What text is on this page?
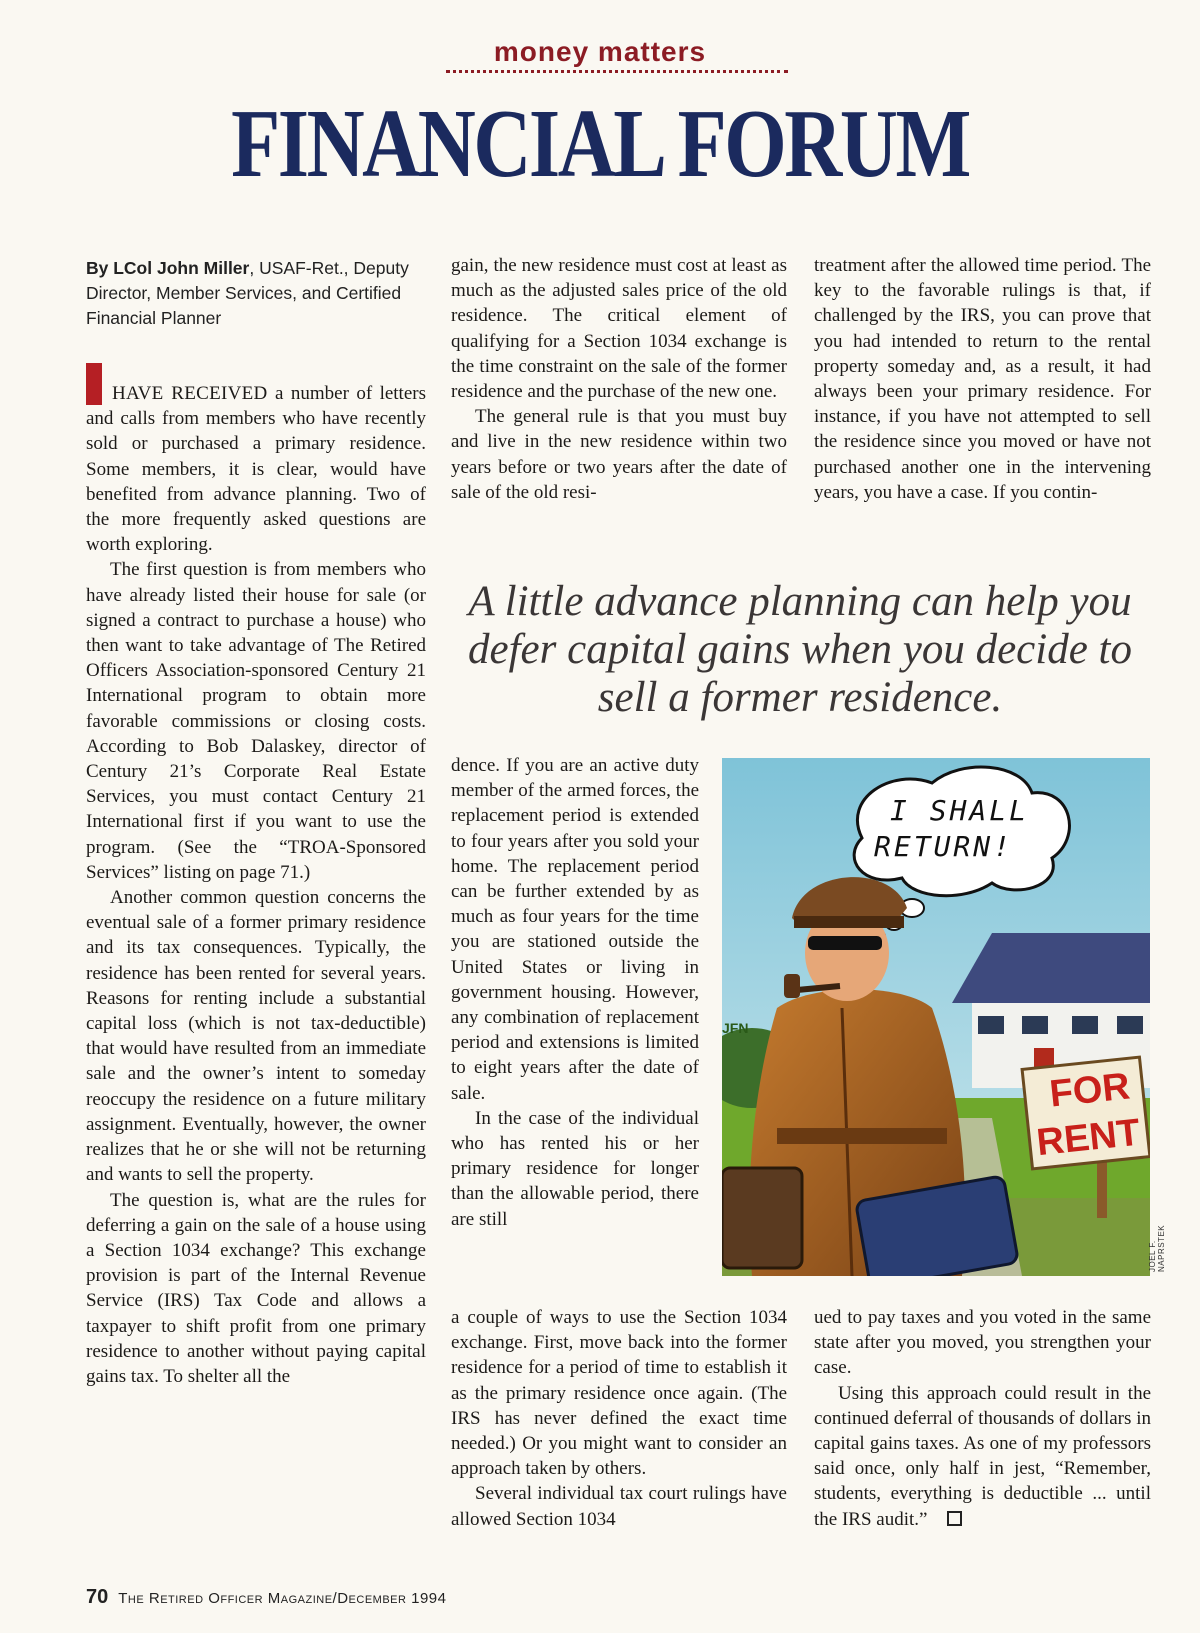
money matters
FINANCIAL FORUM
By LCol John Miller, USAF-Ret., Deputy Director, Member Services, and Certified Financial Planner

HAVE RECEIVED a number of letters and calls from members who have recently sold or purchased a primary residence. Some members, it is clear, would have benefited from advance planning. Two of the more frequently asked questions are worth exploring.

The first question is from members who have already listed their house for sale (or signed a contract to purchase a house) who then want to take advantage of The Retired Officers Association-sponsored Century 21 International program to obtain more favorable commissions or closing costs. According to Bob Dalaskey, director of Century 21’s Corporate Real Estate Services, you must contact Century 21 International first if you want to use the program. (See the “TROA-Sponsored Services” listing on page 71.)

Another common question concerns the eventual sale of a former primary residence and its tax consequences. Typically, the residence has been rented for several years. Reasons for renting include a substantial capital loss (which is not tax-deductible) that would have resulted from an immediate sale and the owner’s intent to someday reoccupy the residence on a future military assignment. Eventually, however, the owner realizes that he or she will not be returning and wants to sell the property.

The question is, what are the rules for deferring a gain on the sale of a house using a Section 1034 exchange? This exchange provision is part of the Internal Revenue Service (IRS) Tax Code and allows a taxpayer to shift profit from one primary residence to another without paying capital gains tax. To shelter all the

gain, the new residence must cost at least as much as the adjusted sales price of the old residence. The critical element of qualifying for a Section 1034 exchange is the time constraint on the sale of the former residence and the purchase of the new one.

The general rule is that you must buy and live in the new residence within two years before or two years after the date of sale of the old resi-

treatment after the allowed time period. The key to the favorable rulings is that, if challenged by the IRS, you can prove that you had intended to return to the rental property someday and, as a result, it had always been your primary residence. For instance, if you have not attempted to sell the residence since you moved or have not purchased another one in the intervening years, you have a case. If you contin-

A little advance planning can help you defer capital gains when you decide to sell a former residence.

dence. If you are an active duty member of the armed forces, the replacement period is extended to four years after you sold your home. The replacement period can be further extended by as much as four years for the time you are stationed outside the United States or living in government housing. However, any combination of replacement period and extensions is limited to eight years after the date of sale.

In the case of the individual who has rented his or her primary residence for longer than the allowable period, there are still

FOR
RENT
I SHALL
RETURN!
JFN
JOEL F. NAPRSTEK

a couple of ways to use the Section 1034 exchange. First, move back into the former residence for a period of time to establish it as the primary residence once again. (The IRS has never defined the exact time needed.) Or you might want to consider an approach taken by others.

Several individual tax court rulings have allowed Section 1034

ued to pay taxes and you voted in the same state after you moved, you strengthen your case.

Using this approach could result in the continued deferral of thousands of dollars in capital gains taxes. As one of my professors said once, only half in jest, “Remember, students, everything is deductible ... until the IRS audit.”

70 The Retired Officer Magazine/December 1994
